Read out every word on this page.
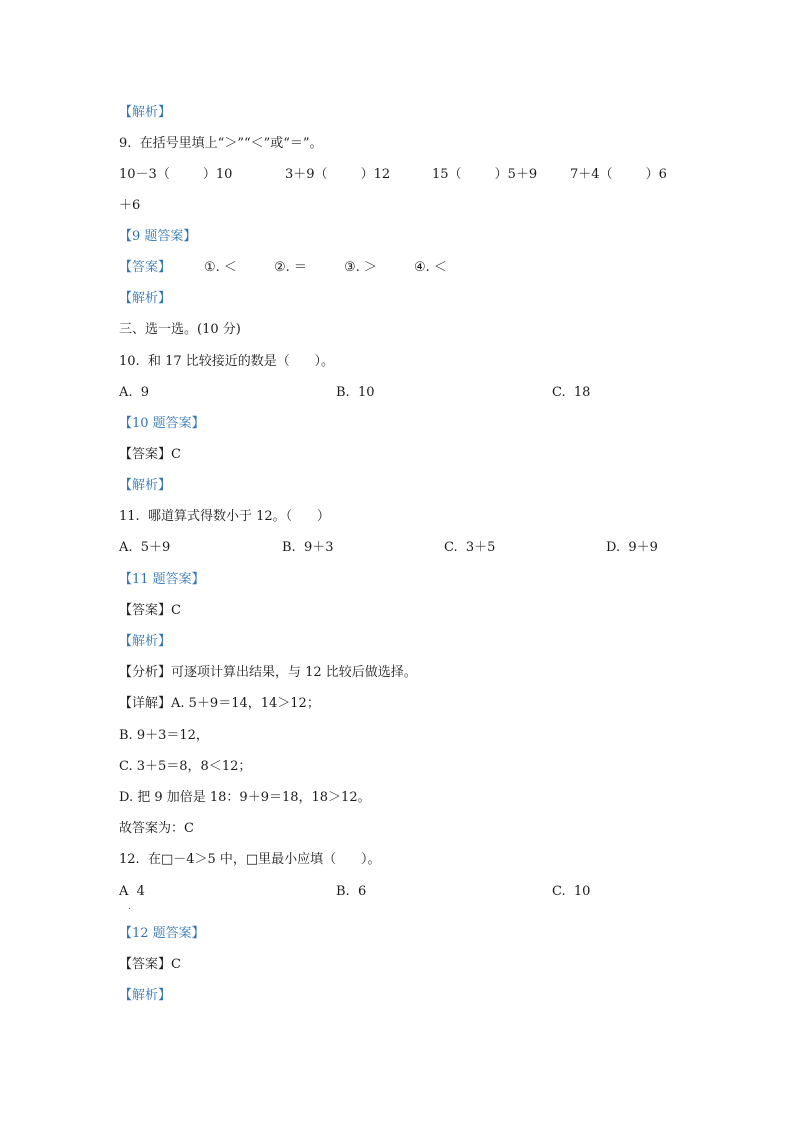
【解析】
9.  在括号里填上“＞”“＜”或“＝”。
10－3（        ）10	3＋9（        ）12	15（        ）5＋9	7＋4（        ）6
＋6
【9 题答案】
【答案】	①. ＜	②. ＝	③. ＞	④. ＜
【解析】
三、选一选。(10 分)
10.  和 17 比较接近的数是（      ）。
A.  9	B.  10	C.  18
【10 题答案】
【答案】C
【解析】
11.  哪道算式得数小于 12。（      ）
A.  5＋9	B.  9＋3	C.  3＋5	D.  9＋9
【11 题答案】
【答案】C
【解析】
【分析】可逐项计算出结果，与 12 比较后做选择。
【详解】A. 5＋9＝14，14＞12；
B. 9＋3＝12，
C. 3＋5＝8，8＜12；
D. 把 9 加倍是 18：9＋9＝18，18＞12。
故答案为：C
12.  在□－4＞5 中，□里最小应填（      ）。
A  4
.
B.  6	C.  10
【12 题答案】
【答案】C
【解析】
